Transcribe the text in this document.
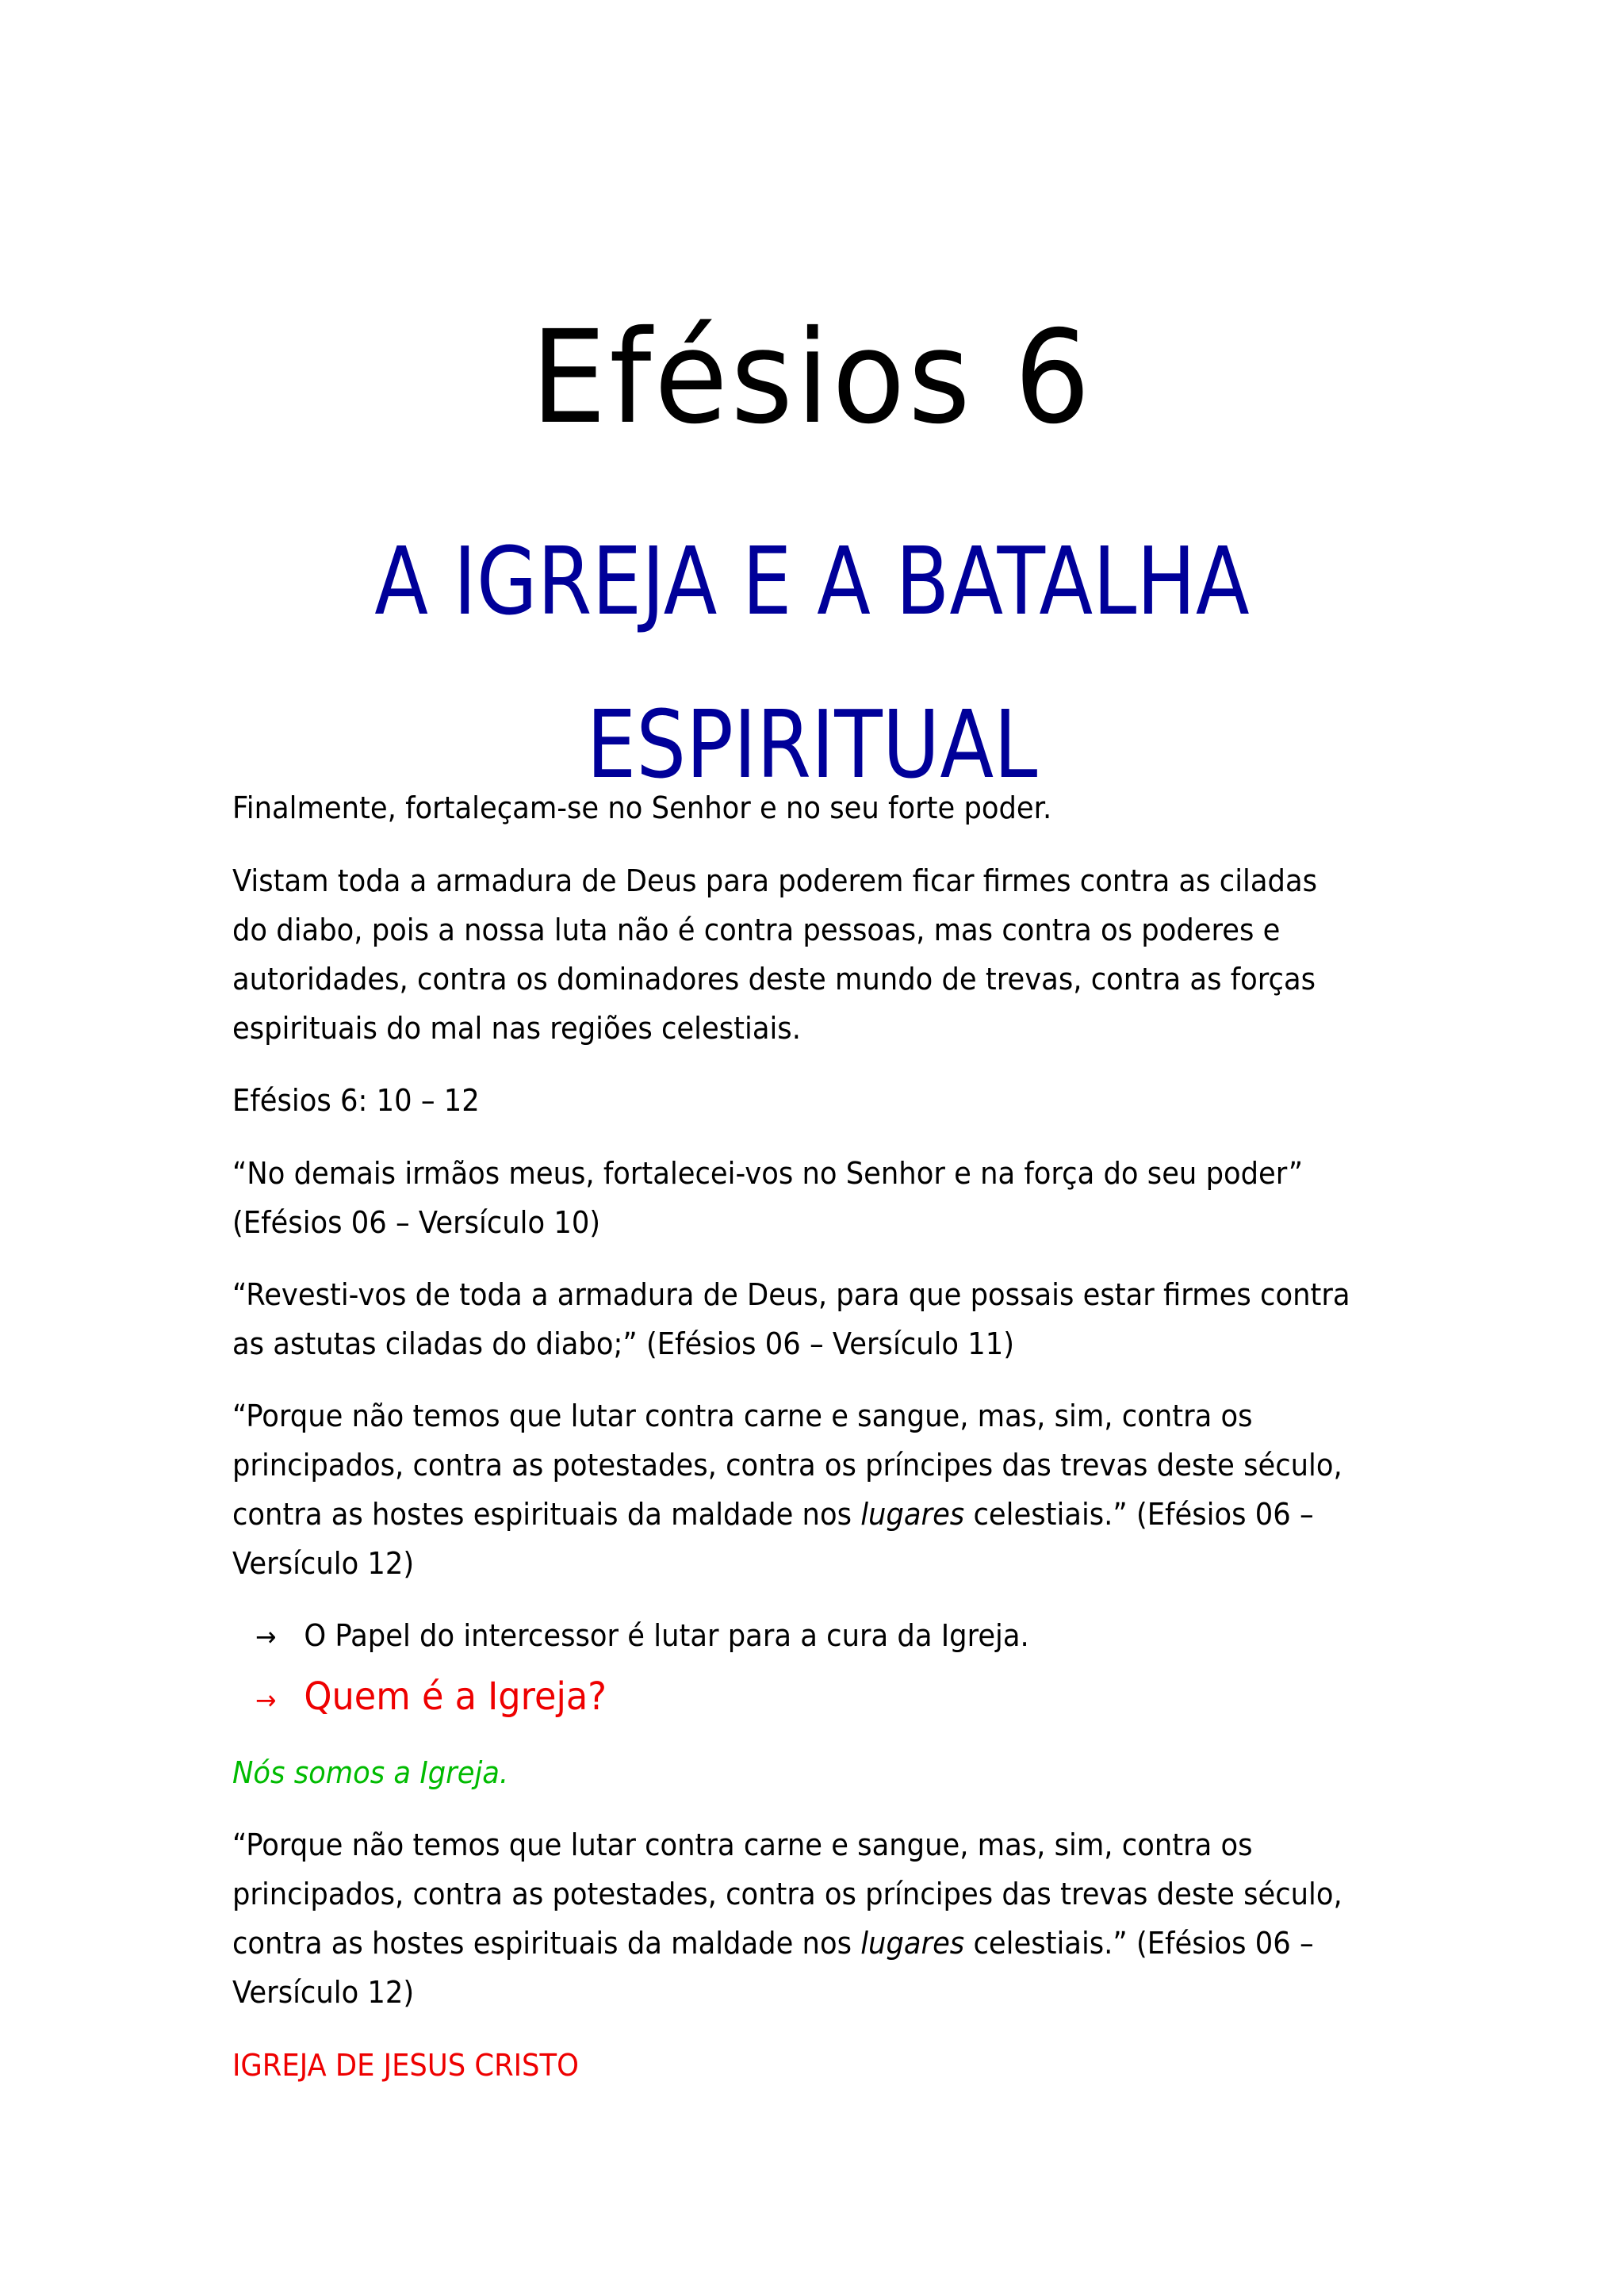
Efésios 6
A IGREJA E A BATALHA
ESPIRITUAL
Finalmente, fortaleçam-se no Senhor e no seu forte poder.
Vistam toda a armadura de Deus para poderem ficar firmes contra as ciladas
do diabo, pois a nossa luta não é contra pessoas, mas contra os poderes e
autoridades, contra os dominadores deste mundo de trevas, contra as forças
espirituais do mal nas regiões celestiais.
Efésios 6: 10 – 12
“No demais irmãos meus, fortalecei-vos no Senhor e na força do seu poder”
(Efésios 06 – Versículo 10)
“Revesti-vos de toda a armadura de Deus, para que possais estar firmes contra
as astutas ciladas do diabo;” (Efésios 06 – Versículo 11)
“Porque não temos que lutar contra carne e sangue, mas, sim, contra os
principados, contra as potestades, contra os príncipes das trevas deste século,
contra as hostes espirituais da maldade nos lugares celestiais.” (Efésios 06 –
Versículo 12)
→ O Papel do intercessor é lutar para a cura da Igreja.
→ Quem é a Igreja?
Nós somos a Igreja.
“Porque não temos que lutar contra carne e sangue, mas, sim, contra os
principados, contra as potestades, contra os príncipes das trevas deste século,
contra as hostes espirituais da maldade nos lugares celestiais.” (Efésios 06 –
Versículo 12)
IGREJA DE JESUS CRISTO
